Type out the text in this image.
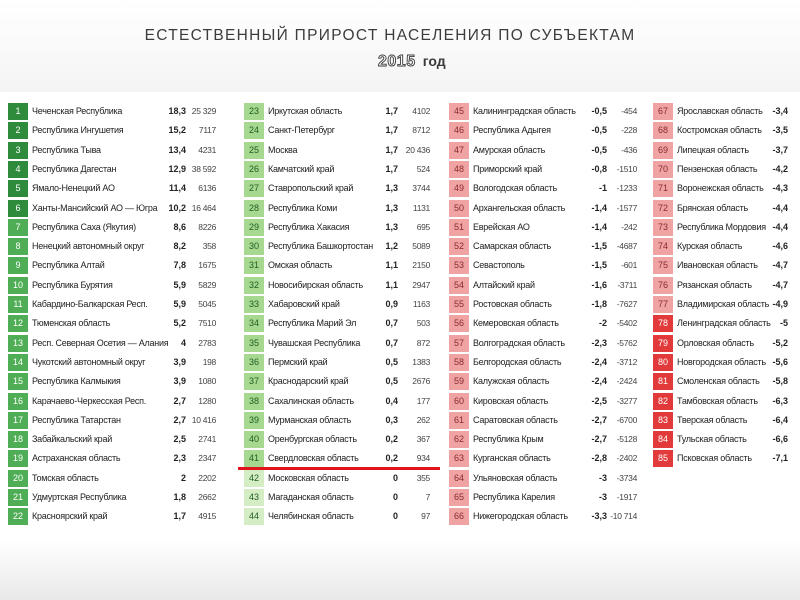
ЕСТЕСТВЕННЫЙ ПРИРОСТ НАСЕЛЕНИЯ ПО СУБЪЕКТАМ
2015 год
1	Чеченская Республика	18,3 25 329
2	Республика Ингушетия	15,2 7117
3	Республика Тыва	13,4 4231
4	Республика Дагестан	12,9 38 592
5	Ямало-Ненецкий АО	11,4 6136
6	Ханты-Мансийский АО — Югра 10,2 16 464
7	Республика Саха (Якутия)	8,6 8226
8	Ненецкий автономный округ	8,2 358
9	Республика Алтай	7,8 1675
10	Республика Бурятия	5,9 5829
11	Кабардино-Балкарская Респ.	5,9 5045
12	Тюменская область	5,2 7510
13	Респ. Северная Осетия — Алания 4 2783
14	Чукотский автономный округ	3,9 198
15	Республика Калмыкия	3,9 1080
16	Карачаево-Черкесская Респ.	2,7 1280
17	Республика Татарстан	2,7 10 416
18	Забайкальский край	2,5 2741
19	Астраханская область	2,3 2347
20	Томская область	2 2202
21	Удмуртская Республика	1,8 2662
22	Красноярский край	1,7 4915
23	Иркутская область	1,7 4102
24	Санкт-Петербург	1,7 8712
25	Москва	1,7 20 436
26	Камчатский край	1,7 524
27	Ставропольский край	1,3 3744
28	Республика Коми	1,3 1131
29	Республика Хакасия	1,3 695
30	Республика Башкортостан 1,2 5089
31	Омская область	1,1 2150
32	Новосибирская область 1,1 2947
33	Хабаровский край	0,9 1163
34	Республика Марий Эл	0,7 503
35	Чувашская Республика	0,7 872
36	Пермский край	0,5 1383
37	Краснодарский край	0,5 2676
38	Сахалинская область	0,4 177
39	Мурманская область	0,3 262
40	Оренбургская область	0,2 367
41	Свердловская область	0,2 934
42	Московская область	0 355
43	Магаданская область	0	7
44	Челябинская область	0	97
45	Калининградская область -0,5 -454
46	Республика Адыгея	-0,5 -228
47	Амурская область	-0,5 -436
48	Приморский край	-0,8 -1510
49	Вологодская область	-1 -1233
50	Архангельская область	-1,4 -1577
51	Еврейская АО	-1,4 -242
52	Самарская область	-1,5 -4687
53	Севастополь	-1,5 -601
54	Алтайский край	-1,6 -3711
55	Ростовская область	-1,8 -7627
56	Кемеровская область	-2 -5402
57	Волгоградская область	-2,3 -5762
58	Белгородская область	-2,4 -3712
59	Калужская область	-2,4 -2424
60	Кировская область	-2,5 -3277
61	Саратовская область	-2,7 -6700
62	Республика Крым	-2,7 -5128
63	Курганская область	-2,8 -2402
64	Ульяновская область	-3 -3734
65	Республика Карелия	-3 -1917
66	Нижегородская область	-3,3 -10 714
67	Ярославская область -3,4
68	Костромская область -3,5
69	Липецкая область	-3,7
70	Пензенская область -4,2
71	Воронежская область -4,3
72	Брянская область	-4,4
73	Республика Мордовия -4,4
74	Курская область	-4,6
75	Ивановская область -4,7
76	Рязанская область -4,7
77	Владимирская область -4,9
78	Ленинградская область -5
79	Орловская область -5,2
80	Новгородская область -5,6
81	Смоленская область -5,8
82	Тамбовская область -6,3
83	Тверская область	-6,4
84	Тульская область	-6,6
85	Псковская область -7,1
